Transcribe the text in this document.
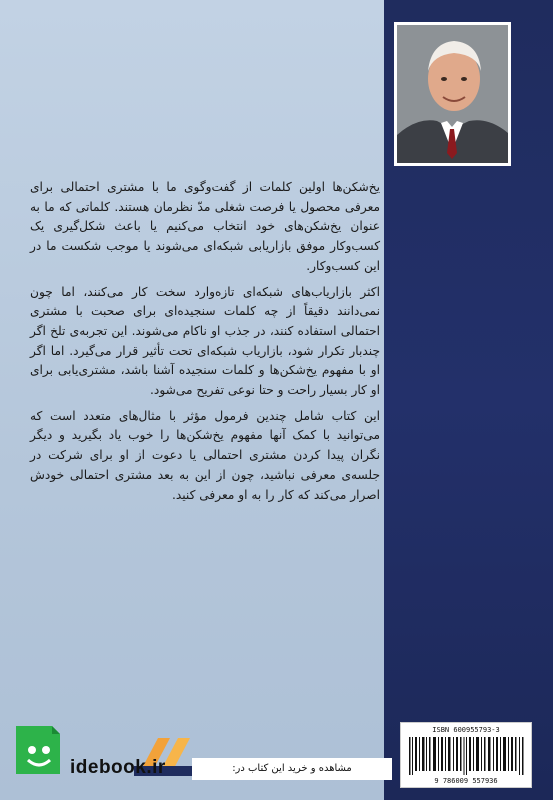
یخ‌شکن‌ها اولین کلمات از گفت‌وگوی ما با مشتری احتمالی برای معرفی محصول یا فرصت شغلی مدّ نظرمان هستند. کلماتی که ما به عنوان یخ‌شکن‌های خود انتخاب می‌کنیم یا باعث شکل‌گیری یک کسب‌وکار موفق بازاریابی شبکه‌ای می‌شوند یا موجب شکست ما در این کسب‌وکار.

اکثر بازاریاب‌های شبکه‌ای تازه‌وارد سخت کار می‌کنند، اما چون نمی‌دانند دقیقاً از چه کلمات سنجیده‌ای برای صحبت با مشتری احتمالی استفاده کنند، در جذب او ناکام می‌شوند. این تجربه‌ی تلخ اگر چندبار تکرار شود، بازاریاب شبکه‌ای تحت تأثیر قرار می‌گیرد. اما اگر او با مفهوم یخ‌شکن‌ها و کلمات سنجیده آشنا باشد، مشتری‌یابی برای او کار بسیار راحت و حتا نوعی تفریح می‌شود.

این کتاب شامل چندین فرمول مؤثر با مثال‌های متعدد است که می‌توانید با کمک آنها مفهوم یخ‌شکن‌ها را خوب یاد بگیرید و دیگر نگران پیدا کردن مشتری احتمالی یا دعوت از او برای شرکت در جلسه‌ی معرفی نباشید، چون از این به بعد مشتری احتمالی خودش اصرار می‌کند که کار را به او معرفی کنید.

ISBN 600955793-3
9 786009 557936
idebook.ir	مشاهده و خرید این کتاب در:
